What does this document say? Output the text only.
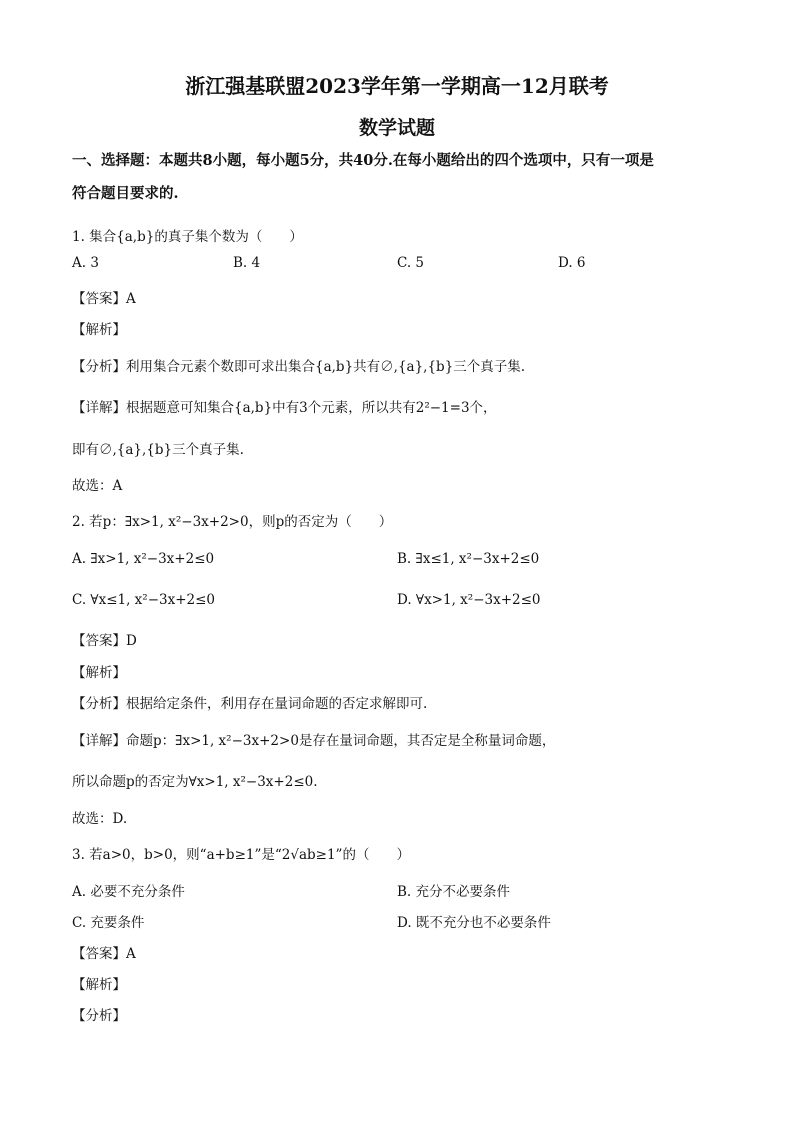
浙江强基联盟2023学年第一学期高一12月联考
数学试题
一、选择题：本题共8小题，每小题5分，共40分.在每小题给出的四个选项中，只有一项是
符合题目要求的.
1. 集合{a,b}的真子集个数为（　　）
A. 3	B. 4	C. 5	D. 6
【答案】A
【解析】
【分析】利用集合元素个数即可求出集合{a,b}共有∅,{a},{b}三个真子集.
【详解】根据题意可知集合{a,b}中有3个元素，所以共有2²−1=3个，
即有∅,{a},{b}三个真子集.
故选：A
2. 若p：∃x>1, x²−3x+2>0，则p的否定为（　　）
A. ∃x>1, x²−3x+2≤0	B. ∃x≤1, x²−3x+2≤0
C. ∀x≤1, x²−3x+2≤0	D. ∀x>1, x²−3x+2≤0
【答案】D
【解析】
【分析】根据给定条件，利用存在量词命题的否定求解即可.
【详解】命题p：∃x>1, x²−3x+2>0是存在量词命题，其否定是全称量词命题，
所以命题p的否定为∀x>1, x²−3x+2≤0.
故选：D.
3. 若a>0，b>0，则“a+b≥1”是“2√ab≥1”的（　　）
A. 必要不充分条件	B. 充分不必要条件
C. 充要条件	D. 既不充分也不必要条件
【答案】A
【解析】
【分析】
